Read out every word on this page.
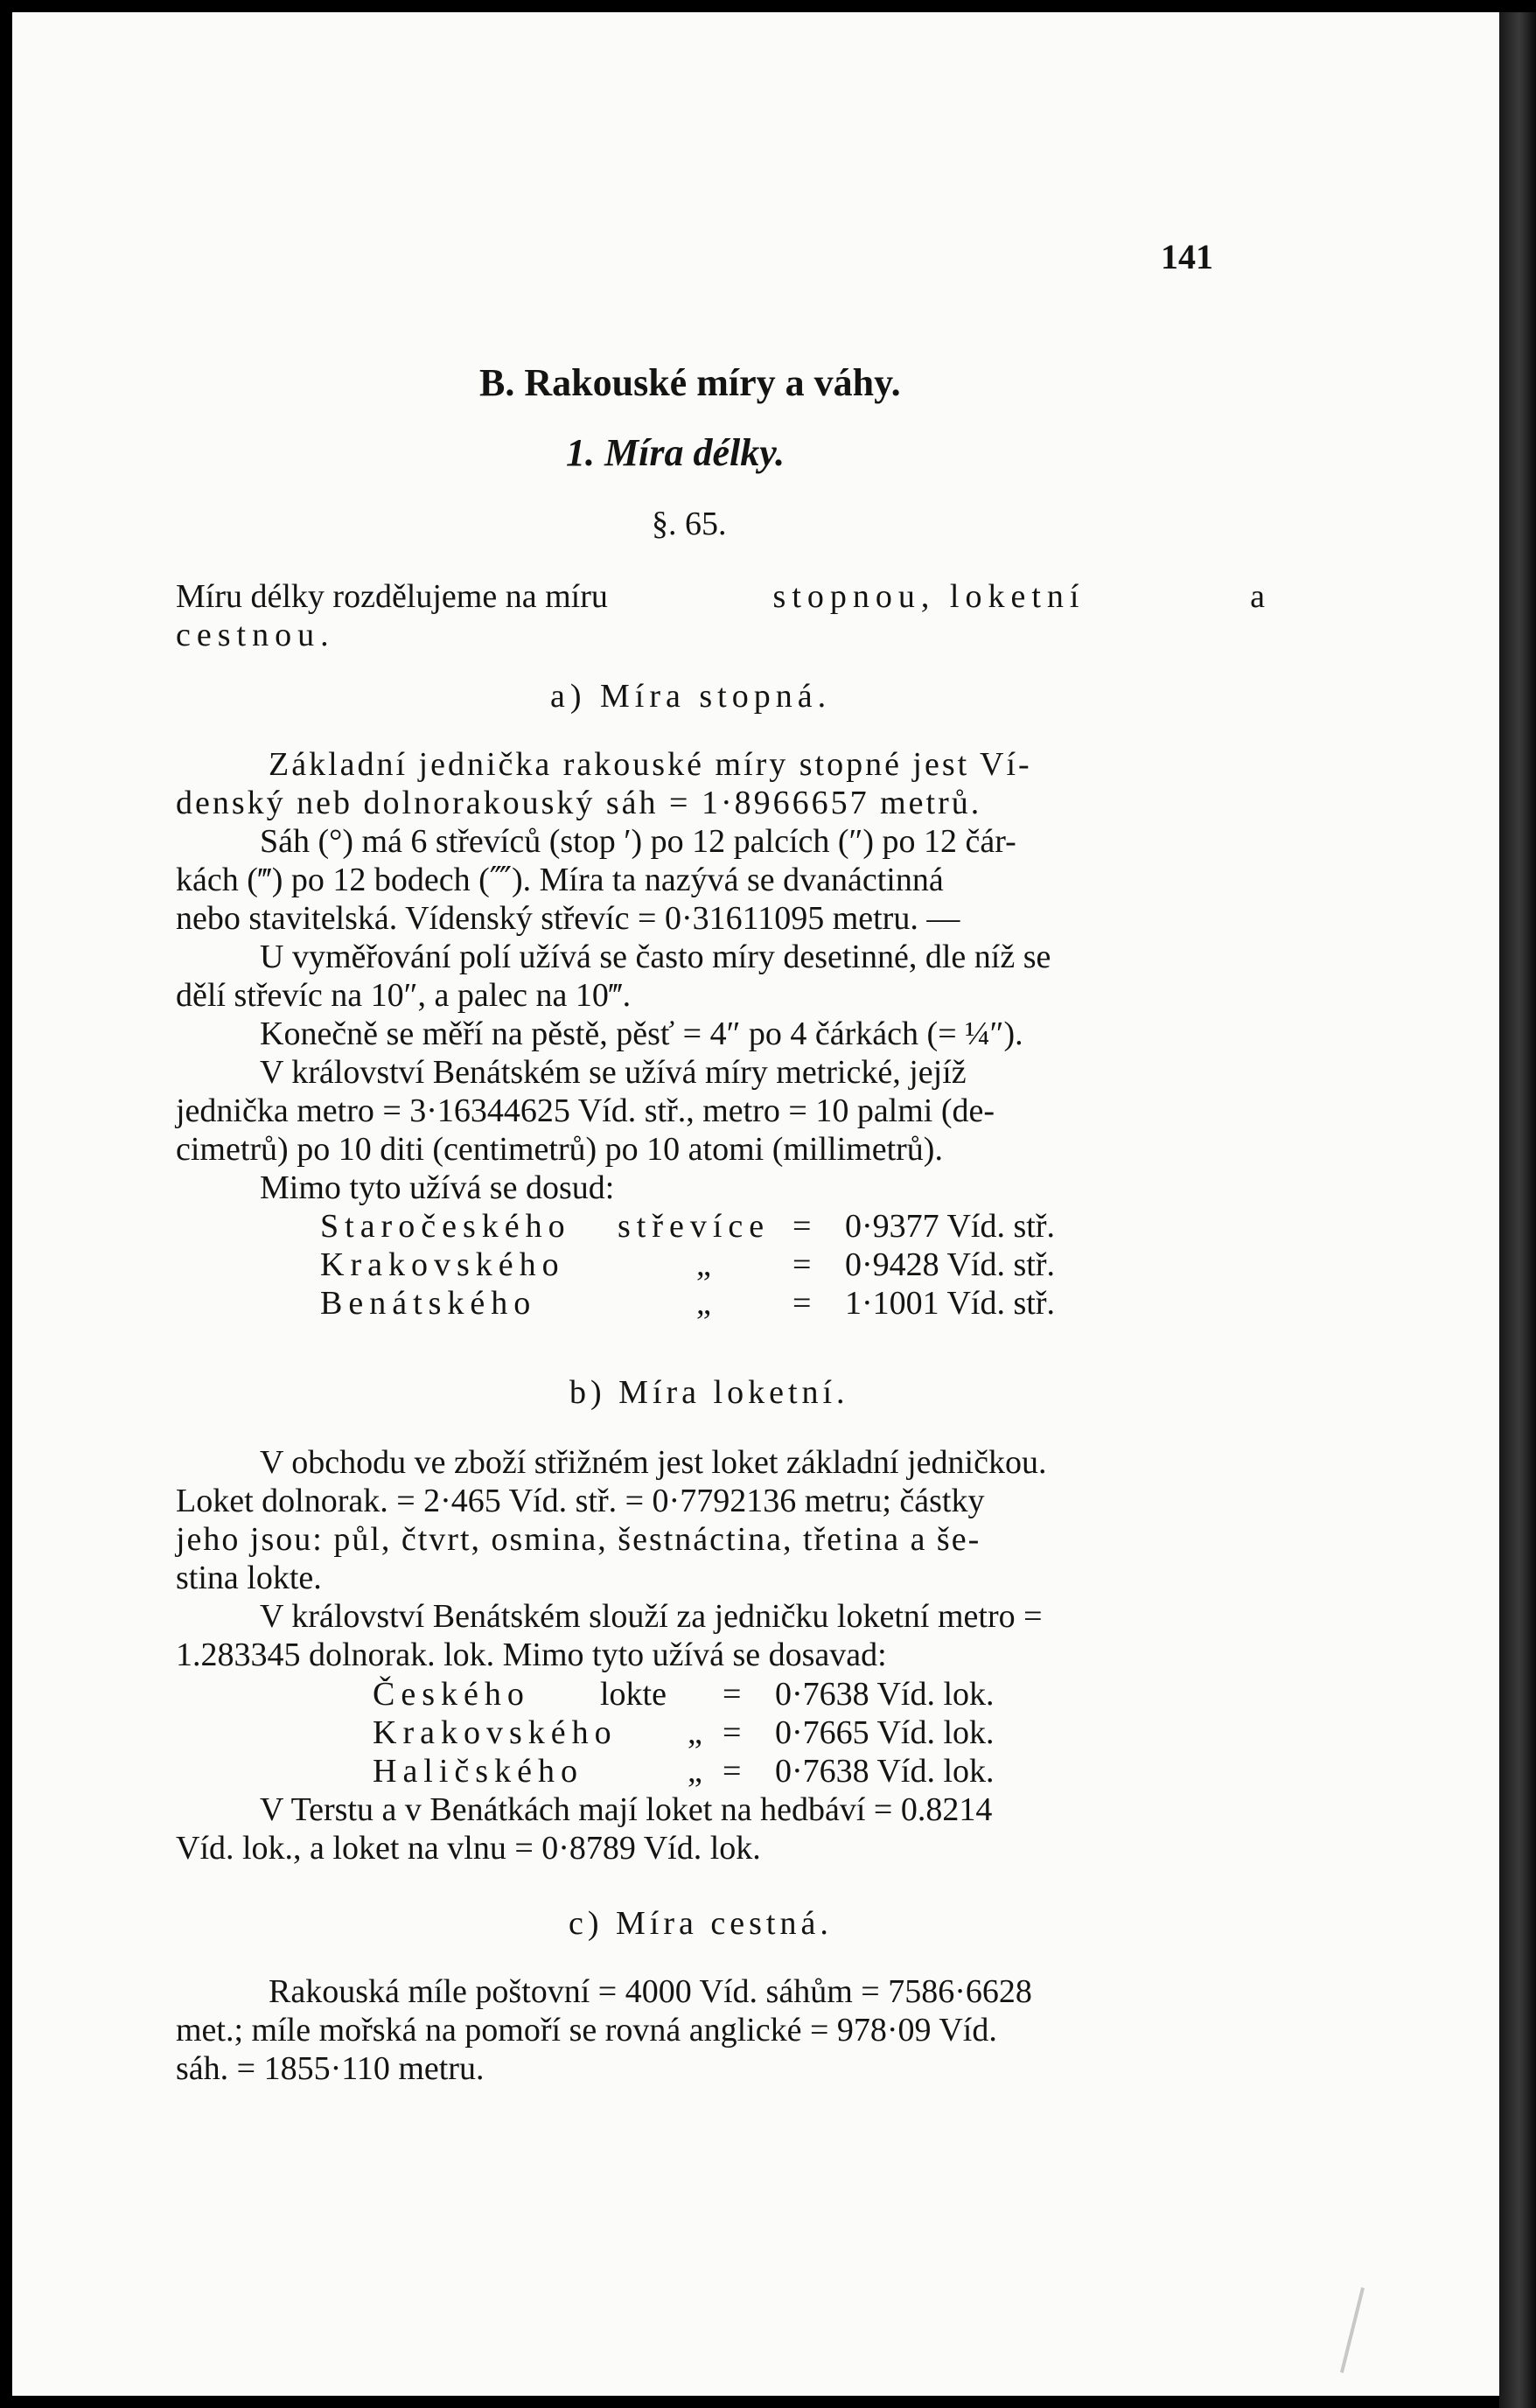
141
B. Rakouské míry a váhy.
1. Míra délky.
§. 65.
Míru délky rozdělujeme na míru	stopnou, loketní	a
cestnou.
a) Míra stopná.
Základní jednička rakouské míry stopné jest Ví-
denský neb dolnorakouský sáh = 1·8966657 metrů.
Sáh (°) má 6 střevíců (stop ′) po 12 palcích (″) po 12 čár-
kách (‴) po 12 bodech (⁗). Míra ta nazývá se dvanáctinná
nebo stavitelská. Vídenský střevíc = 0·31611095 metru. —
U vyměřování polí užívá se často míry desetinné, dle níž se
dělí střevíc na 10″, a palec na 10‴.
Konečně se měří na pěstě, pěsť = 4″ po 4 čárkách (= ¼″).
V království Benátském se užívá míry metrické, jejíž
jednička metro = 3·16344625 Víd. stř., metro = 10 palmi (de-
cimetrů) po 10 diti (centimetrů) po 10 atomi (millimetrů).
Mimo tyto užívá se dosud:
Staročeského	střevíce =	0·9377 Víd. stř.
Krakovského	„	=	0·9428 Víd. stř.
Benátského	„	=	1·1001 Víd. stř.
b) Míra loketní.
V obchodu ve zboží střižném jest loket základní jedničkou.
Loket dolnorak. = 2·465 Víd. stř. = 0·7792136 metru; částky
jeho jsou: půl, čtvrt, osmina, šestnáctina, třetina a še-
stina lokte.
V království Benátském slouží za jedničku loketní metro =
1.283345 dolnorak. lok. Mimo tyto užívá se dosavad:
Českého	lokte	=	0·7638 Víd. lok.
Krakovského	„ =	0·7665 Víd. lok.
Haličského	„ =	0·7638 Víd. lok.
V Terstu a v Benátkách mají loket na hedbáví = 0.8214
Víd. lok., a loket na vlnu = 0·8789 Víd. lok.
c) Míra cestná.
Rakouská míle poštovní = 4000 Víd. sáhům = 7586·6628
met.; míle mořská na pomoří se rovná anglické = 978·09 Víd.
sáh. = 1855·110 metru.
